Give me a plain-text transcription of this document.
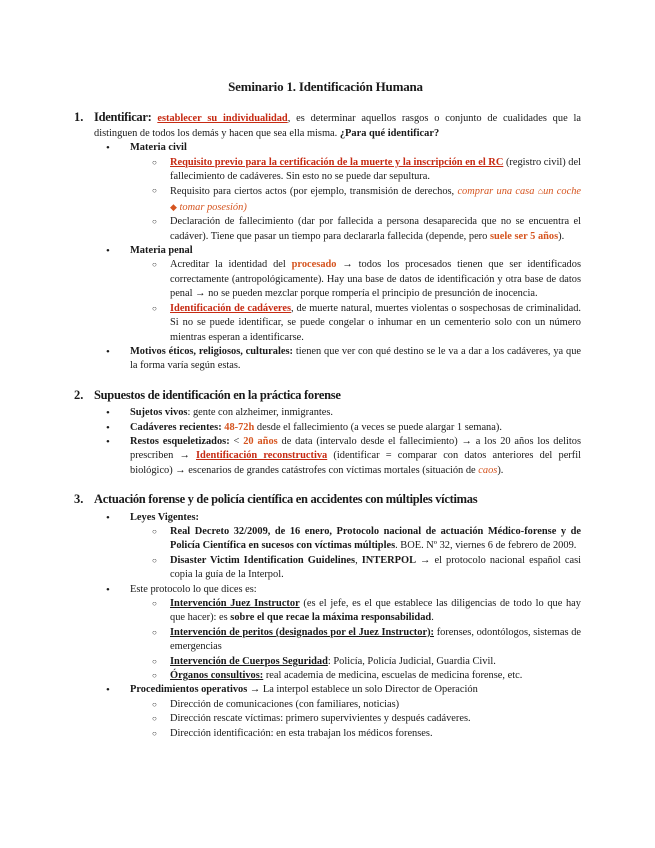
Seminario 1. Identificación Humana
1. Identificar: establecer su individualidad, es determinar aquellos rasgos o conjunto de cualidades que la distinguen de todos los demás y hacen que sea ella misma. ¿Para qué identificar?
• Materia civil
○ Requisito previo para la certificación de la muerte y la inscripción en el RC (registro civil) del fallecimiento de cadáveres. Sin esto no se puede dar sepultura.
○ Requisito para ciertos actos (por ejemplo, transmisión de derechos, comprar una casa ⌂un coche ◆ tomar posesión)
○ Declaración de fallecimiento (dar por fallecida a persona desaparecida que no se encuentra el cadáver). Tiene que pasar un tiempo para declararla fallecida (depende, pero suele ser 5 años).
• Materia penal
○ Acreditar la identidad del procesado → todos los procesados tienen que ser identificados correctamente (antropológicamente). Hay una base de datos de identificación y otra base de datos penal → no se pueden mezclar porque rompería el principio de presunción de inocencia.
○ Identificación de cadáveres, de muerte natural, muertes violentas o sospechosas de criminalidad. Si no se puede identificar, se puede congelar o inhumar en un cementerio solo con un número mientras esperan a identificarse.
• Motivos éticos, religiosos, culturales: tienen que ver con qué destino se le va a dar a los cadáveres, ya que la forma varía según estas.
2. Supuestos de identificación en la práctica forense
• Sujetos vivos: gente con alzheimer, inmigrantes.
• Cadáveres recientes: 48-72h desde el fallecimiento (a veces se puede alargar 1 semana).
• Restos esqueletizados: < 20 años de data (intervalo desde el fallecimiento) → a los 20 años los delitos prescriben → Identificación reconstructiva (identificar = comparar con datos anteriores del perfil biológico) → escenarios de grandes catástrofes con víctimas mortales (situación de caos).
3. Actuación forense y de policía científica en accidentes con múltiples víctimas
• Leyes Vigentes:
○ Real Decreto 32/2009, de 16 enero, Protocolo nacional de actuación Médico-forense y de Policía Científica en sucesos con víctimas múltiples. BOE. Nº 32, viernes 6 de febrero de 2009.
○ Disaster Victim Identification Guidelines, INTERPOL → el protocolo nacional español casi copia la guía de la Interpol.
• Este protocolo lo que dices es:
○ Intervención Juez Instructor (es el jefe, es el que establece las diligencias de todo lo que hay que hacer): es sobre el que recae la máxima responsabilidad.
○ Intervención de peritos (designados por el Juez Instructor): forenses, odontólogos, sistemas de emergencias
○ Intervención de Cuerpos Seguridad: Policía, Policía Judicial, Guardia Civil.
○ Órganos consultivos: real academia de medicina, escuelas de medicina forense, etc.
• Procedimientos operativos → La interpol establece un solo Director de Operación
○ Dirección de comunicaciones (con familiares, noticias)
○ Dirección rescate víctimas: primero supervivientes y después cadáveres.
○ Dirección identificación: en esta trabajan los médicos forenses.
